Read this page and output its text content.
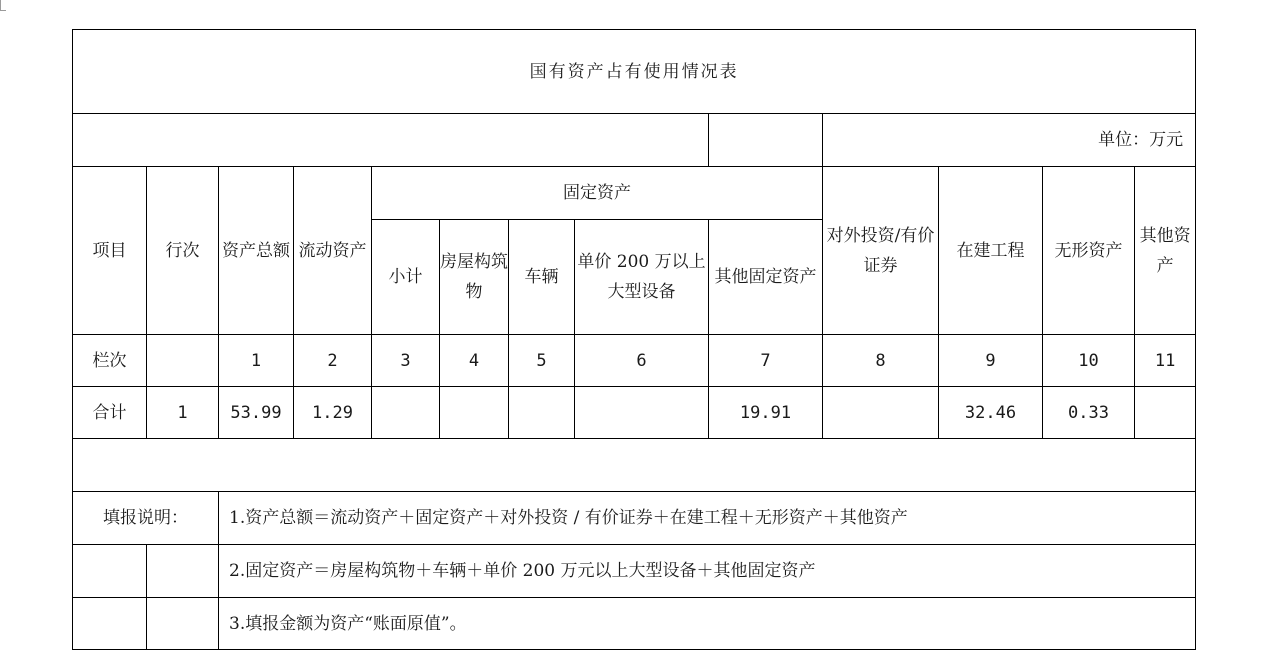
国有资产占有使用情况表												
									单位：万元			
项目	行次	资产总额	流动资产	固定资产					对外投资/有价证券	在建工程	无形资产	其他资产
				小计	房屋构筑物	车辆	单价 200 万以上大型设备	其他固定资产				
栏次		1	2	3	4	5	6	7	8	9	10	11
合计	1	53.99	1.29					19.91		32.46	0.33	

填报说明：		1.资产总额＝流动资产＋固定资产＋对外投资 / 有价证券＋在建工程＋无形资产＋其他资产										
		2.固定资产＝房屋构筑物＋车辆＋单价 200 万元以上大型设备＋其他固定资产										
		3.填报金额为资产“账面原值”。										
